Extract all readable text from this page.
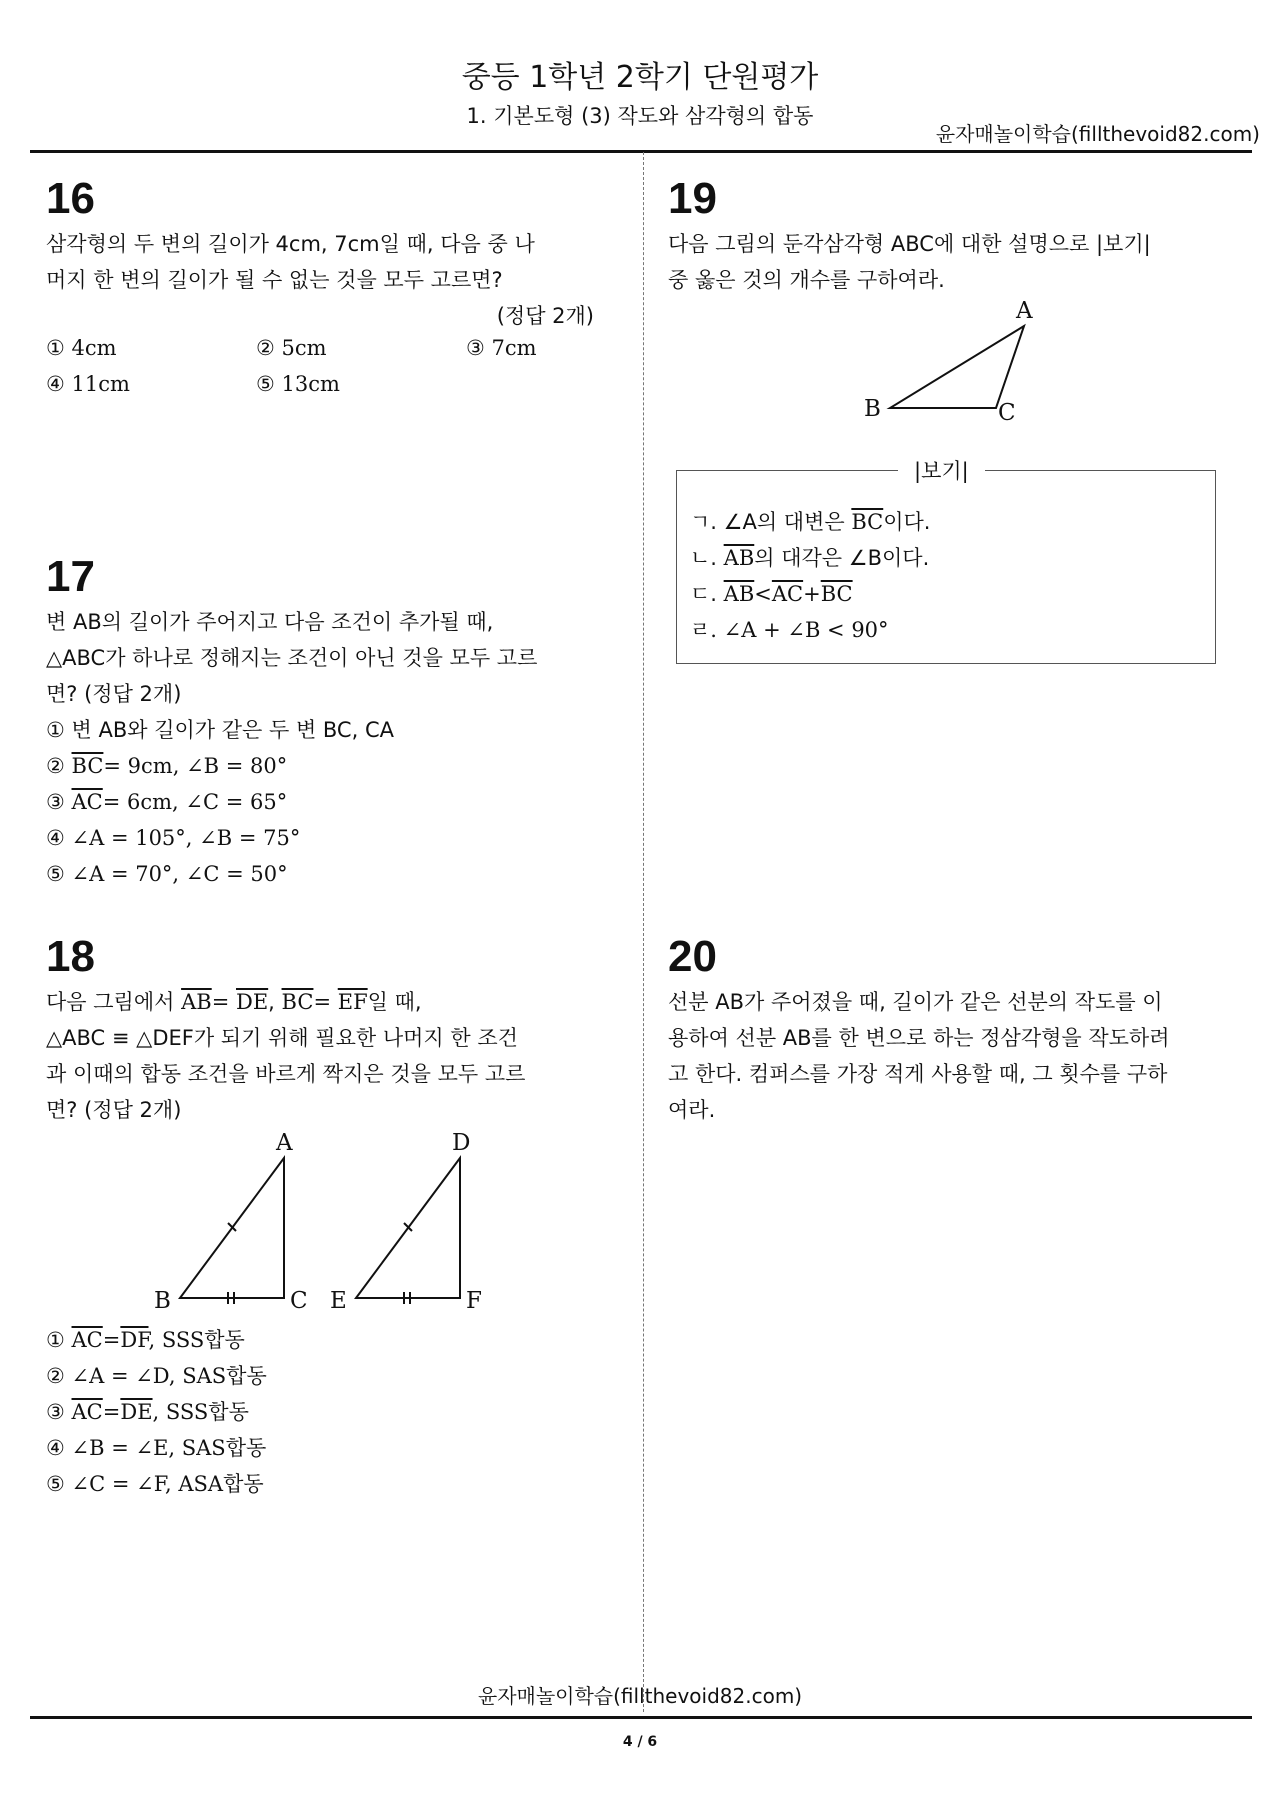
중등 1학년 2학기 단원평가
1. 기본도형 (3) 작도와 삼각형의 합동
윤자매놀이학습(fillthevoid82.com)
16
삼각형의 두 변의 길이가 4cm, 7cm일 때, 다음 중 나
머지 한 변의 길이가 될 수 없는 것을 모두 고르면?
(정답 2개)
① 4cm	② 5cm	③ 7cm
④ 11cm	⑤ 13cm
17
변 AB의 길이가 주어지고 다음 조건이 추가될 때,
△ABC가 하나로 정해지는 조건이 아닌 것을 모두 고르
면? (정답 2개)
① 변 AB와 길이가 같은 두 변 BC, CA
② $\overline{BC}= 9cm$, ∠B = 80°
③ $\overline{AC}= 6cm$, ∠C = 65°
④ ∠A = 105°, ∠B = 75°
⑤ ∠A = 70°, ∠C = 50°
18
다음 그림에서 $\overline{AB}= \overline{DE}$, $\overline{BC}= \overline{EF}$일 때,
△ABC ≡ △DEF가 되기 위해 필요한 나머지 한 조건
과 이때의 합동 조건을 바르게 짝지은 것을 모두 고르
면? (정답 2개)
A
B	C
D
E	F
① $\overline{AC}=\overline{DF}$, SSS합동
② ∠A = ∠D, SAS합동
③ $\overline{AC}=\overline{DE}$, SSS합동
④ ∠B = ∠E, SAS합동
⑤ ∠C = ∠F, ASA합동
19
다음 그림의 둔각삼각형 ABC에 대한 설명으로 |보기|
중 옳은 것의 개수를 구하여라.
A
B	C
|보기|
ㄱ. ∠A의 대변은 $\overline{BC}$이다.
ㄴ. $\overline{AB}$의 대각은 ∠B이다.
ㄷ. $\overline{AB}<\overline{AC}+\overline{BC}$
ㄹ. ∠A + ∠B < 90°
20
선분 AB가 주어졌을 때, 길이가 같은 선분의 작도를 이
용하여 선분 AB를 한 변으로 하는 정삼각형을 작도하려
고 한다. 컴퍼스를 가장 적게 사용할 때, 그 횟수를 구하
여라.
윤자매놀이학습(fillthevoid82.com)
4 / 6
